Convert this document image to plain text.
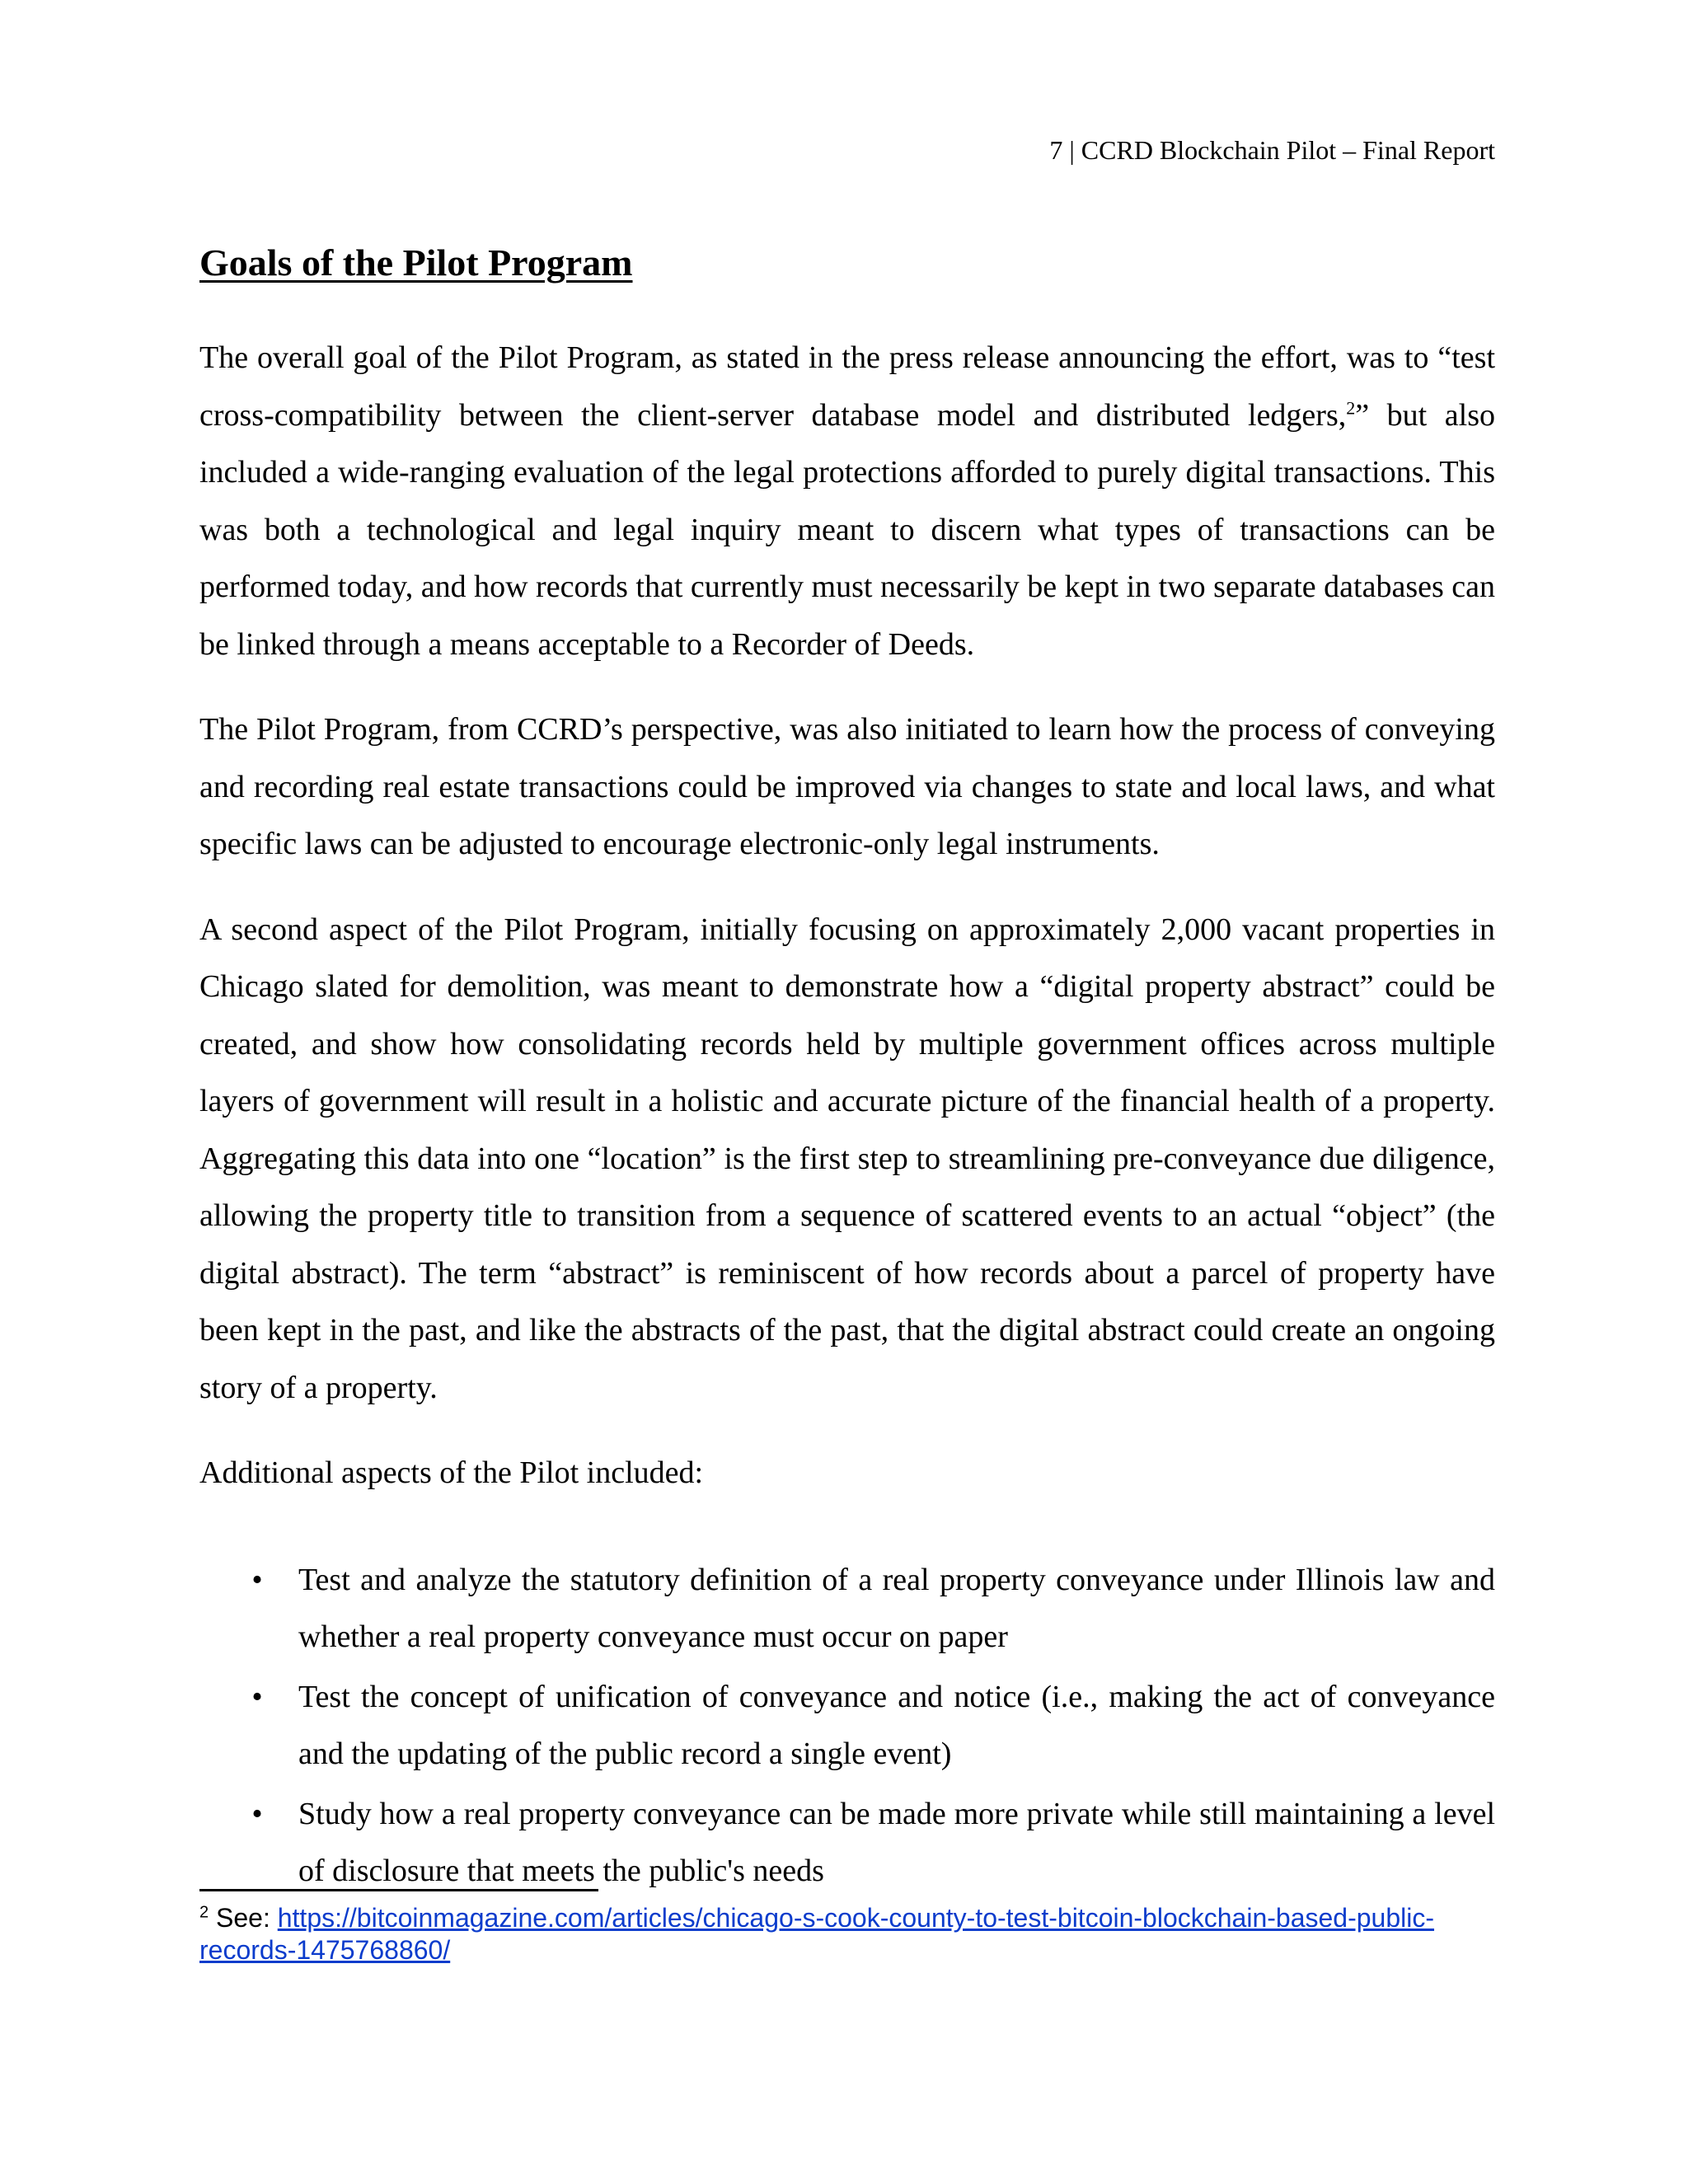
7 | CCRD Blockchain Pilot – Final Report
Goals of the Pilot Program

The overall goal of the Pilot Program, as stated in the press release announcing the effort, was to “test cross-compatibility between the client-server database model and distributed ledgers,$^2$” but also included a wide-ranging evaluation of the legal protections afforded to purely digital transactions. This was both a technological and legal inquiry meant to discern what types of transactions can be performed today, and how records that currently must necessarily be kept in two separate databases can be linked through a means acceptable to a Recorder of Deeds.

The Pilot Program, from CCRD’s perspective, was also initiated to learn how the process of conveying and recording real estate transactions could be improved via changes to state and local laws, and what specific laws can be adjusted to encourage electronic-only legal instruments.

A second aspect of the Pilot Program, initially focusing on approximately 2,000 vacant properties in Chicago slated for demolition, was meant to demonstrate how a “digital property abstract” could be created, and show how consolidating records held by multiple government offices across multiple layers of government will result in a holistic and accurate picture of the financial health of a property. Aggregating this data into one “location” is the first step to streamlining pre-conveyance due diligence, allowing the property title to transition from a sequence of scattered events to an actual “object” (the digital abstract). The term “abstract” is reminiscent of how records about a parcel of property have been kept in the past, and like the abstracts of the past, that the digital abstract could create an ongoing story of a property.

Additional aspects of the Pilot included:

• Test and analyze the statutory definition of a real property conveyance under Illinois law and whether a real property conveyance must occur on paper
• Test the concept of unification of conveyance and notice (i.e., making the act of conveyance and the updating of the public record a single event)
• Study how a real property conveyance can be made more private while still maintaining a level of disclosure that meets the public's needs
$^2$ See: https://bitcoinmagazine.com/articles/chicago-s-cook-county-to-test-bitcoin-blockchain-based-public-records-1475768860/
